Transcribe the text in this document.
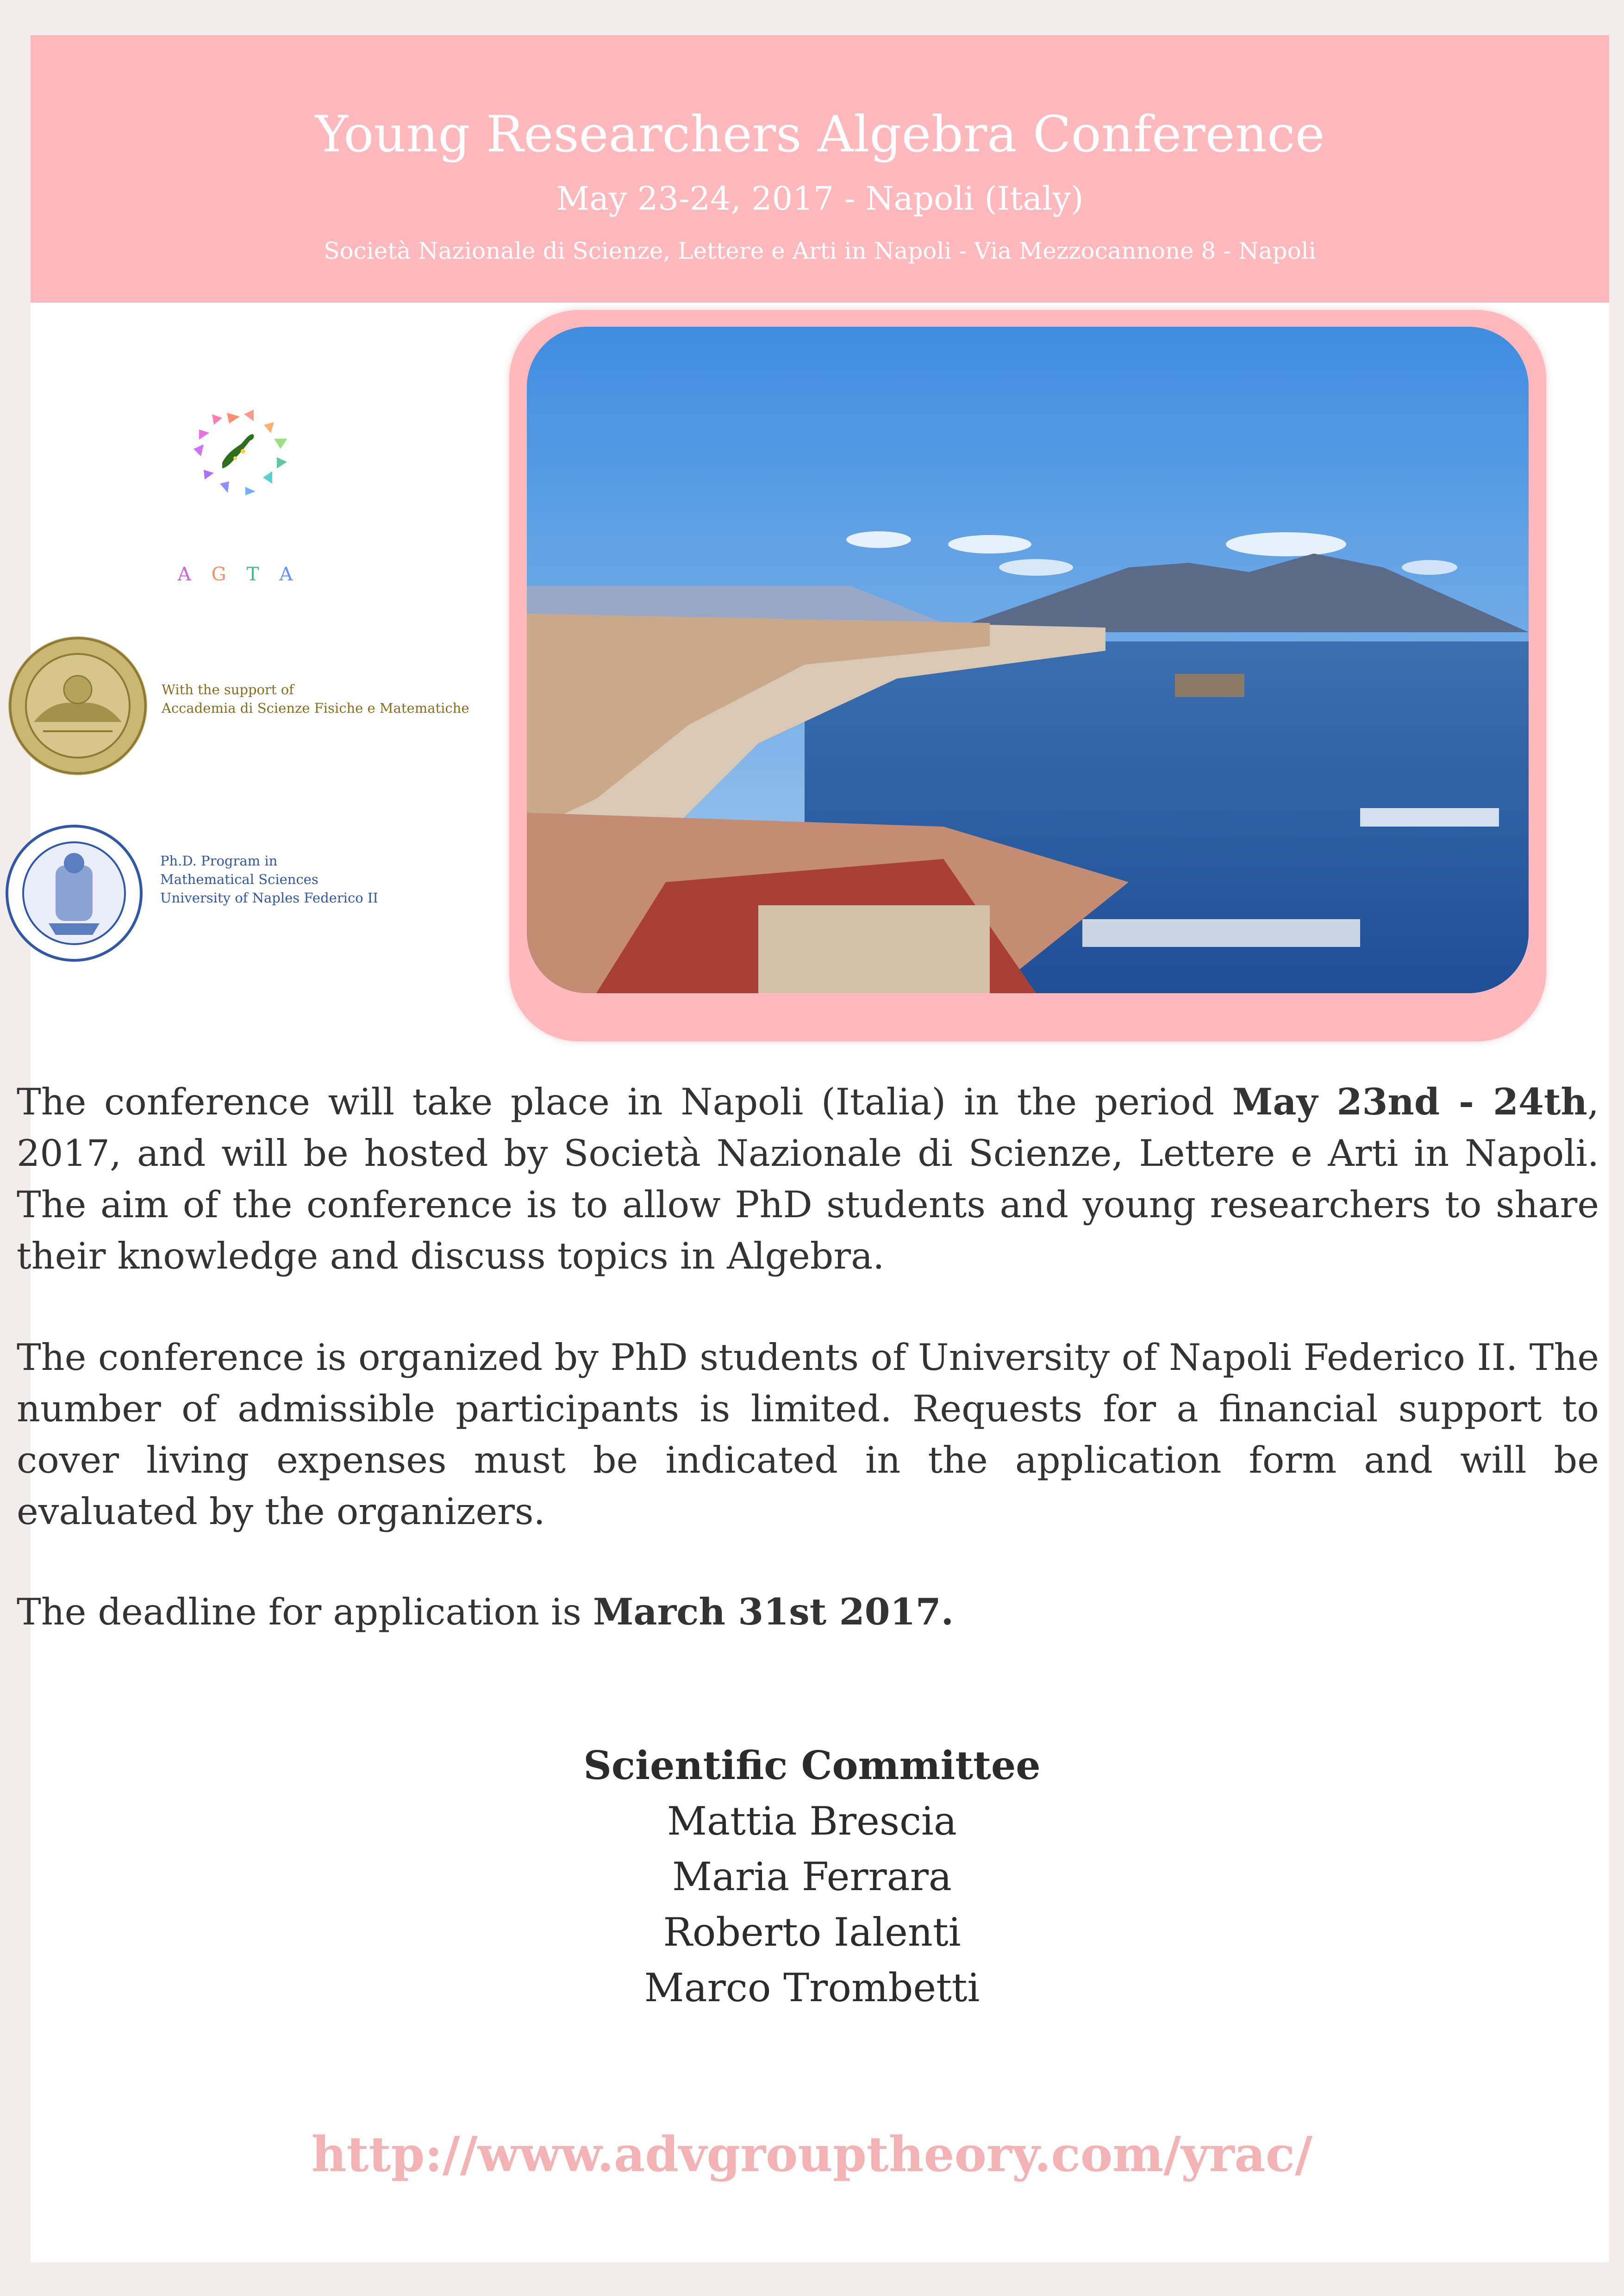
Young Researchers Algebra Conference
May 23-24, 2017 - Napoli (Italy)
Società Nazionale di Scienze, Lettere e Arti in Napoli - Via Mezzocannone 8 - Napoli
AGTA
With the support of
Accademia di Scienze Fisiche e Matematiche
Ph.D. Program in
Mathematical Sciences
University of Naples Federico II

The conference will take place in Napoli (Italia) in the period May 23nd - 24th, 2017, and will be hosted by Società Nazionale di Scienze, Lettere e Arti in Napoli. The aim of the conference is to allow PhD students and young researchers to share their knowledge and discuss topics in Algebra.

The conference is organized by PhD students of University of Napoli Federico II. The number of admissible participants is limited. Requests for a financial support to cover living expenses must be indicated in the application form and will be evaluated by the organizers.

The deadline for application is March 31st 2017.

Scientific Committee
Mattia Brescia
Maria Ferrara
Roberto Ialenti
Marco Trombetti
http://www.advgrouptheory.com/yrac/
